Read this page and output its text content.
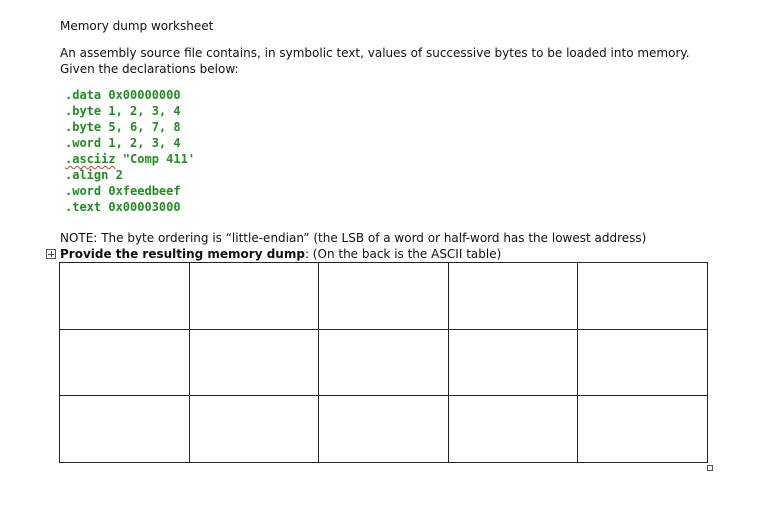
Memory dump worksheet
An assembly source file contains, in symbolic text, values of successive bytes to be loaded into memory.
Given the declarations below:
.data 0x00000000
.byte 1, 2, 3, 4
.byte 5, 6, 7, 8
.word 1, 2, 3, 4
.asciiz "Comp 411'
.align 2
.word 0xfeedbeef
.text 0x00003000
NOTE: The byte ordering is “little-endian” (the LSB of a word or half-word has the lowest address)
Provide the resulting memory dump: (On the back is the ASCII table)
